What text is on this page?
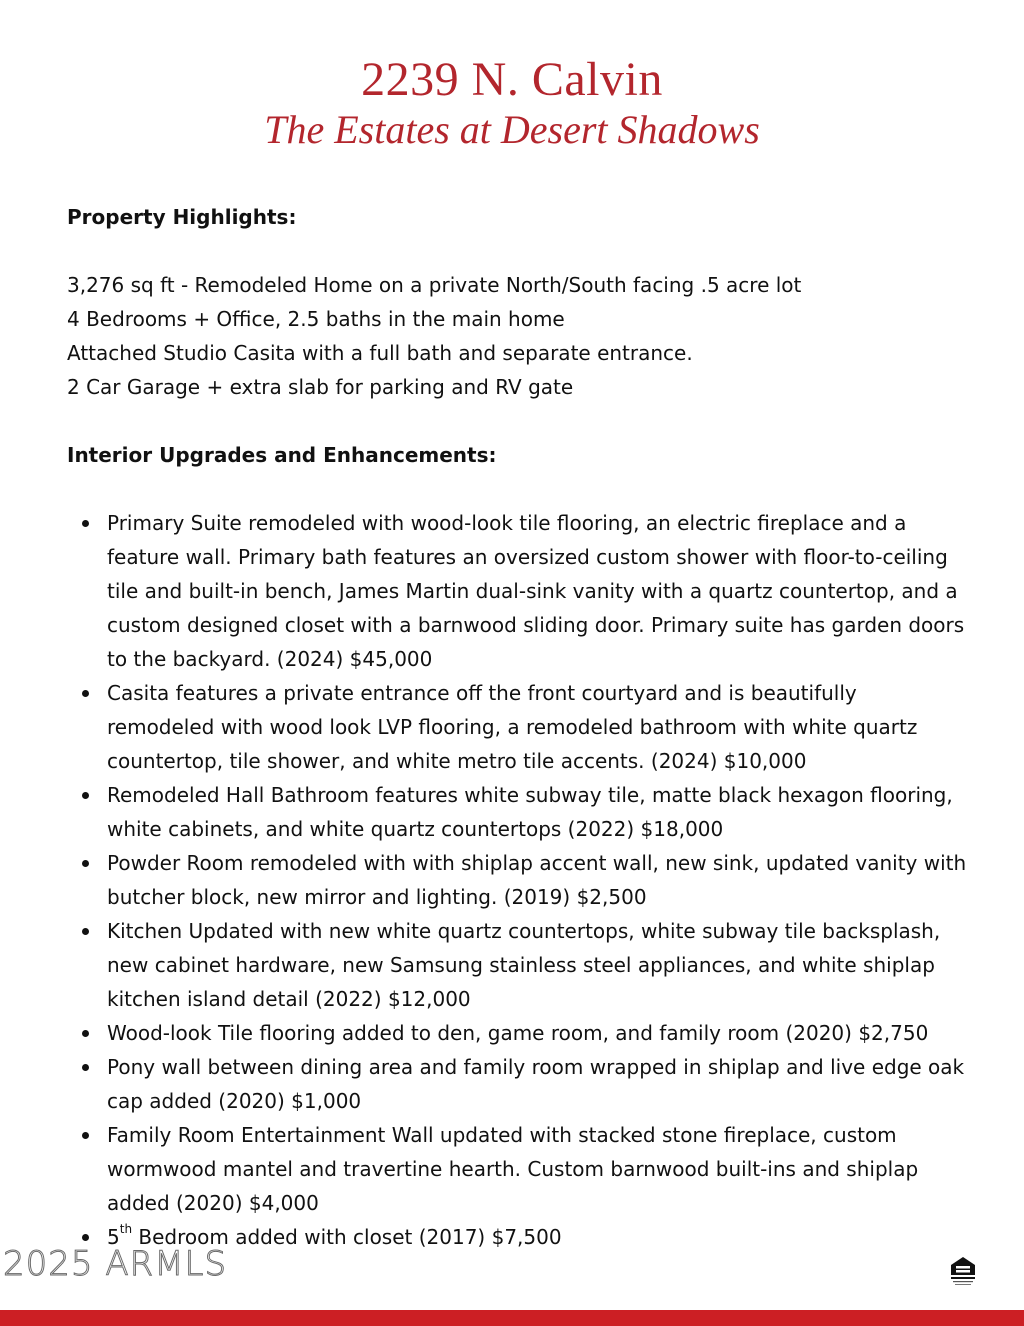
2239 N. Calvin
The Estates at Desert Shadows

Property Highlights:

3,276 sq ft - Remodeled Home on a private North/South facing .5 acre lot

4 Bedrooms + Office, 2.5 baths in the main home

Attached Studio Casita with a full bath and separate entrance.

2 Car Garage + extra slab for parking and RV gate

Interior Upgrades and Enhancements:

Primary Suite remodeled with wood-look tile flooring, an electric fireplace and a feature wall. Primary bath features an oversized custom shower with floor-to-ceiling tile and built-in bench, James Martin dual-sink vanity with a quartz countertop, and a custom designed closet with a barnwood sliding door. Primary suite has garden doors to the backyard. (2024) $45,000
Casita features a private entrance off the front courtyard and is beautifully remodeled with wood look LVP flooring, a remodeled bathroom with white quartz countertop, tile shower, and white metro tile accents. (2024) $10,000
Remodeled Hall Bathroom features white subway tile, matte black hexagon flooring, white cabinets, and white quartz countertops (2022) $18,000
Powder Room remodeled with with shiplap accent wall, new sink, updated vanity with butcher block, new mirror and lighting. (2019) $2,500
Kitchen Updated with new white quartz countertops, white subway tile backsplash, new cabinet hardware, new Samsung stainless steel appliances, and white shiplap kitchen island detail (2022) $12,000
Wood-look Tile flooring added to den, game room, and family room (2020) $2,750
Pony wall between dining area and family room wrapped in shiplap and live edge oak cap added (2020) $1,000
Family Room Entertainment Wall updated with stacked stone fireplace, custom wormwood mantel and travertine hearth. Custom barnwood built-ins and shiplap added (2020) $4,000
5th Bedroom added with closet (2017) $7,500
2025 ARMLS
